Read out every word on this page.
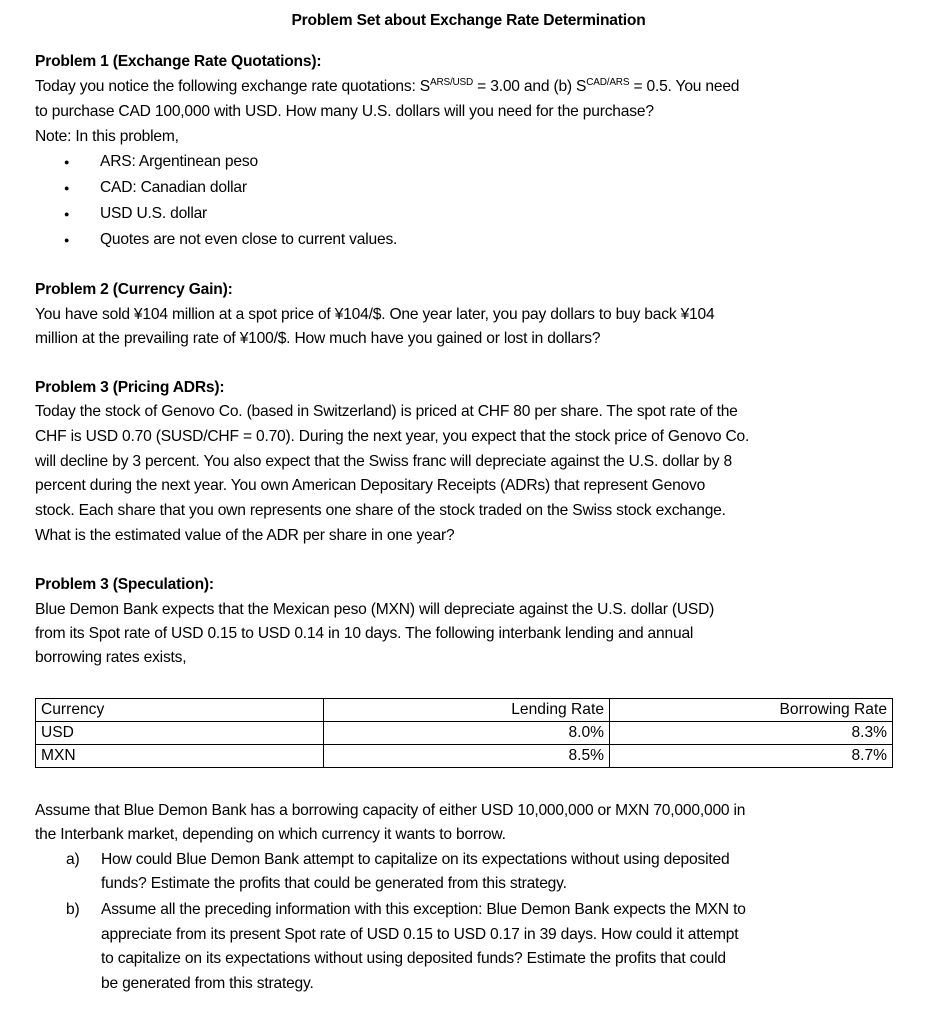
Problem Set about Exchange Rate Determination
Problem 1 (Exchange Rate Quotations):
Today you notice the following exchange rate quotations: $S^{ARS/USD} = 3.00$ and (b) $S^{CAD/ARS} = 0.5$. You need
to purchase CAD 100,000 with USD. How many U.S. dollars will you need for the purchase?
Note: In this problem,
● ARS: Argentinean peso
● CAD: Canadian dollar
● USD U.S. dollar
● Quotes are not even close to current values.
Problem 2 (Currency Gain):
You have sold ¥104 million at a spot price of ¥104/$. One year later, you pay dollars to buy back ¥104
million at the prevailing rate of ¥100/$. How much have you gained or lost in dollars?
Problem 3 (Pricing ADRs):
Today the stock of Genovo Co. (based in Switzerland) is priced at CHF 80 per share. The spot rate of the
CHF is USD 0.70 (SUSD/CHF = 0.70). During the next year, you expect that the stock price of Genovo Co.
will decline by 3 percent. You also expect that the Swiss franc will depreciate against the U.S. dollar by 8
percent during the next year. You own American Depositary Receipts (ADRs) that represent Genovo
stock. Each share that you own represents one share of the stock traded on the Swiss stock exchange.
What is the estimated value of the ADR per share in one year?
Problem 3 (Speculation):
Blue Demon Bank expects that the Mexican peso (MXN) will depreciate against the U.S. dollar (USD)
from its Spot rate of USD 0.15 to USD 0.14 in 10 days. The following interbank lending and annual
borrowing rates exists,
Currency	Lending Rate	Borrowing Rate
USD	8.0%	8.3%
MXN	8.5%	8.7%
Assume that Blue Demon Bank has a borrowing capacity of either USD 10,000,000 or MXN 70,000,000 in
the Interbank market, depending on which currency it wants to borrow.
a) How could Blue Demon Bank attempt to capitalize on its expectations without using deposited
funds? Estimate the profits that could be generated from this strategy.
b) Assume all the preceding information with this exception: Blue Demon Bank expects the MXN to
appreciate from its present Spot rate of USD 0.15 to USD 0.17 in 39 days. How could it attempt
to capitalize on its expectations without using deposited funds? Estimate the profits that could
be generated from this strategy.
